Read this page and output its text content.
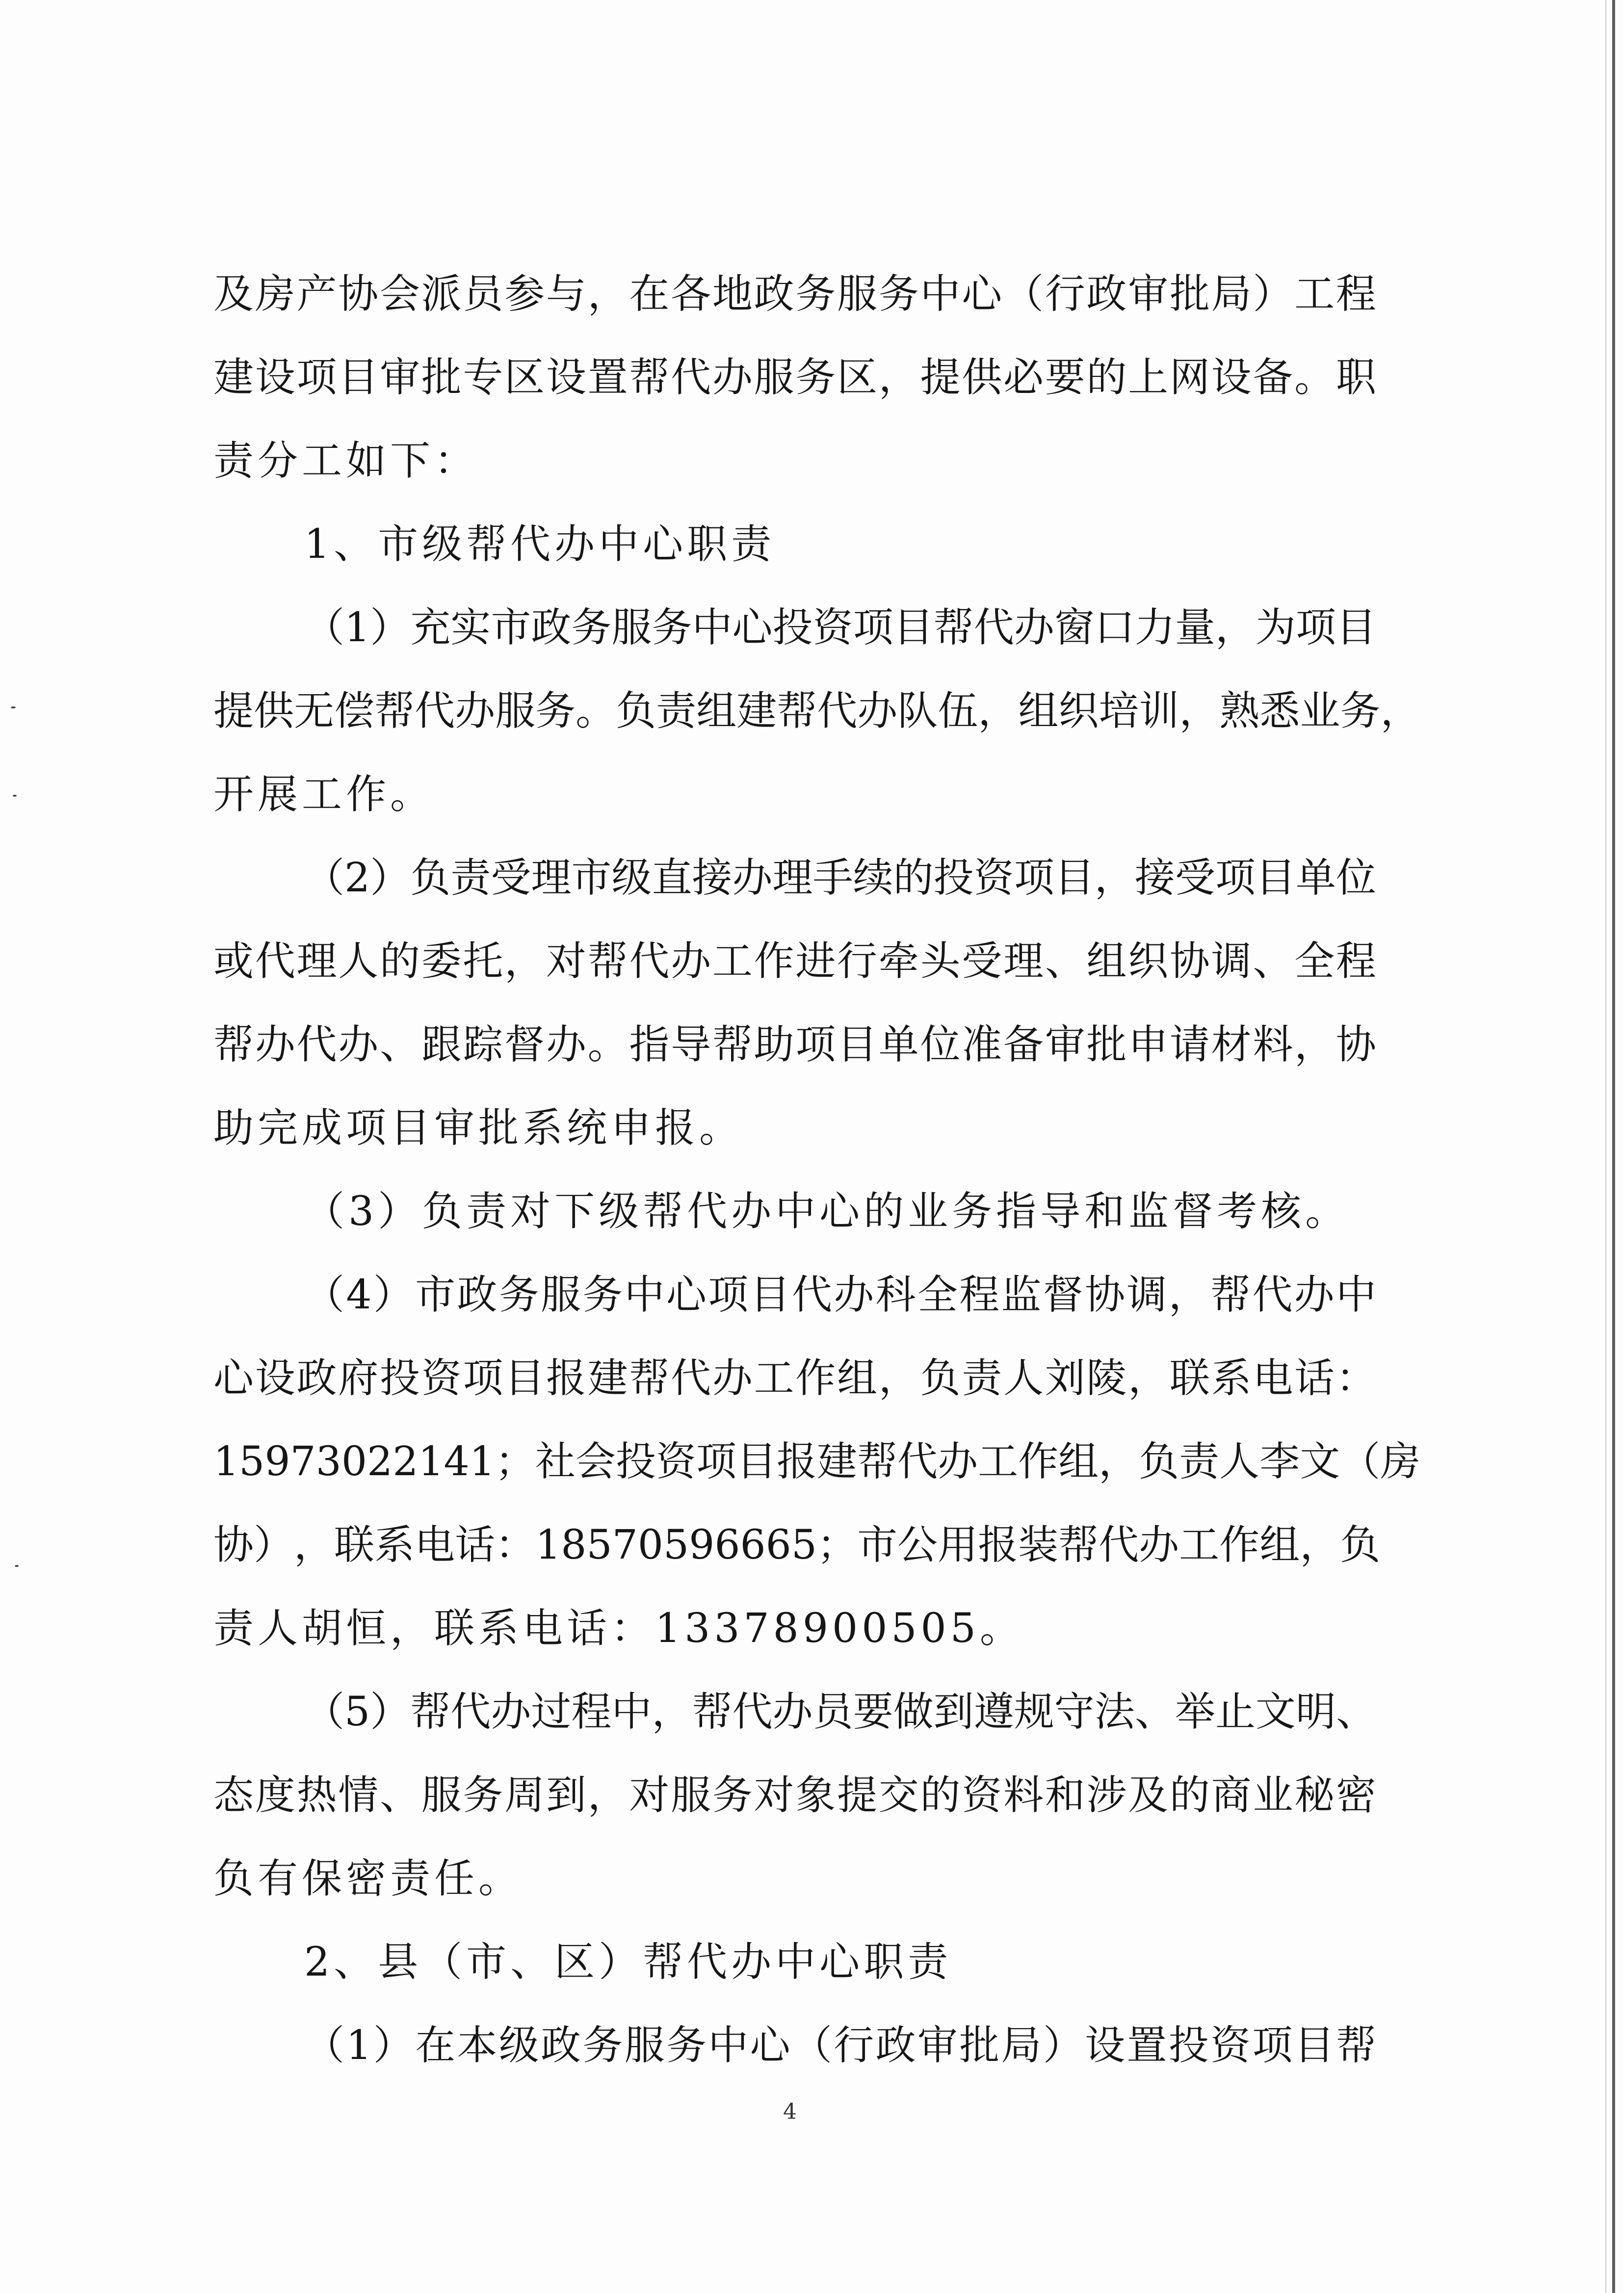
及 房 产 协 会 派 员 参 与 ， 在 各 地 政 务 服 务 中 心 （ 行 政 审 批 局 ） 工 程
建 设 项 目 审 批 专 区 设 置 帮 代 办 服 务 区 ， 提 供 必 要 的 上 网 设 备 。 职
责分工如下：
1、市级帮代办中心职责
（ 1 ） 充 实 市 政 务 服 务 中 心 投 资 项 目 帮 代 办 窗 口 力 量 ， 为 项 目
提 供 无 偿 帮 代 办 服 务 。 负 责 组 建 帮 代 办 队 伍 ， 组 织 培 训 ， 熟 悉 业 务 ，
开展工作。
（ 2 ） 负 责 受 理 市 级 直 接 办 理 手 续 的 投 资 项 目 ， 接 受 项 目 单 位
或 代 理 人 的 委 托 ， 对 帮 代 办 工 作 进 行 牵 头 受 理 、 组 织 协 调 、 全 程
帮 办 代 办 、 跟 踪 督 办 。 指 导 帮 助 项 目 单 位 准 备 审 批 申 请 材 料 ， 协
助完成项目审批系统申报。
（3）负责对下级帮代办中心的业务指导和监督考核。
（ 4 ） 市 政 务 服 务 中 心 项 目 代 办 科 全 程 监 督 协 调 ， 帮 代 办 中
心 设 政 府 投 资 项 目 报 建 帮 代 办 工 作 组 ， 负 责 人 刘 陵 ， 联 系 电 话 ：
15973022141 ； 社 会 投 资 项 目 报 建 帮 代 办 工 作 组 ， 负 责 人 李 文 （ 房
协 ） ， 联 系 电 话 ： 18570596665 ； 市 公 用 报 装 帮 代 办 工 作 组 ， 负
责人胡恒，联系电话：13378900505。
（ 5 ） 帮 代 办 过 程 中 ， 帮 代 办 员 要 做 到 遵 规 守 法 、 举 止 文 明 、
态 度 热 情 、 服 务 周 到 ， 对 服 务 对 象 提 交 的 资 料 和 涉 及 的 商 业 秘 密
负有保密责任。
2、县（市、区）帮代办中心职责
（ 1 ） 在 本 级 政 务 服 务 中 心 （ 行 政 审 批 局 ） 设 置 投 资 项 目 帮
4
